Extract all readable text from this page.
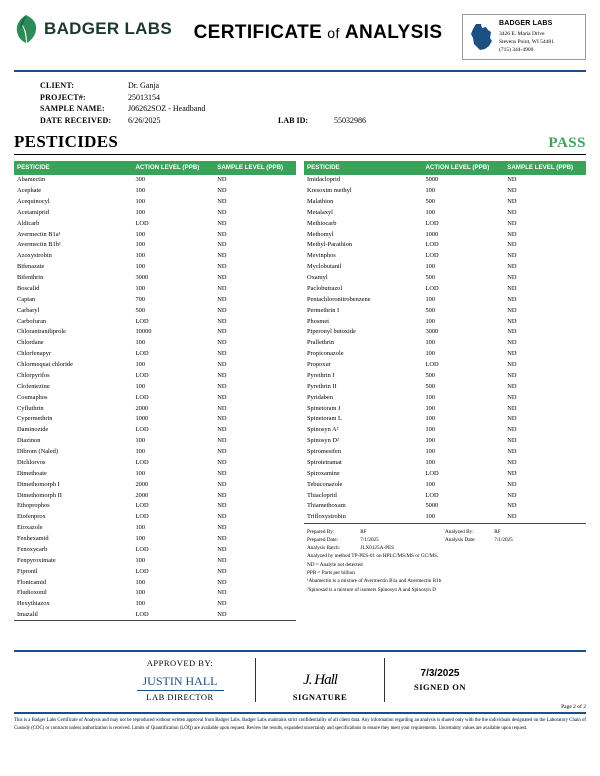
BADGER LABS	CERTIFICATE of ANALYSIS	BADGER LABS
3426 E. Maria Drive
Stevens Point, WI 54481
(715) 344-4900
CLIENT:	Dr. Ganja
PROJECT#:	25013154
SAMPLE NAME:	J06262SOZ - Headband
DATE RECEIVED:	6/26/2025	LAB ID:	55032986
PESTICIDES	PASS
PESTICIDE	ACTION LEVEL (PPB)	SAMPLE LEVEL (PPB)
Abamectin	300	ND
Acephate	100	ND
Acequinocyl	100	ND
Acetamiprid	100	ND
Aldicarb	LOD	ND
Avermectin B1a¹	100	ND
Avermectin B1b¹	100	ND
Azoxystrobin	100	ND
Bifenazate	100	ND
Bifenthrin	3000	ND
Boscalid	100	ND
Captan	700	ND
Carbaryl	500	ND
Carbofuran	LOD	ND
Chlorantraniliprole	10000	ND
Chlordane	100	ND
Chlorfenapyr	LOD	ND
Chlormequat chloride	100	ND
Chlorpyrifos	LOD	ND
Clofentezine	100	ND
Coumaphos	LOD	ND
Cyfluthrin	2000	ND
Cypermethrin	1000	ND
Daminozide	LOD	ND
Diazinon	100	ND
Dibrom (Naled)	100	ND
Dichlorvos	LOD	ND
Dimethoate	100	ND
Dimethomorph I	2000	ND
Dimethomorph II	2000	ND
Ethoprophos	LOD	ND
Etofenprox	LOD	ND
Etoxazole	100	ND
Fenhexamid	100	ND
Fenoxycarb	LOD	ND
Fenpyroximate	100	ND
Fipronil	LOD	ND
Flonicamid	100	ND
Fludioxonil	100	ND
Hexythiazox	100	ND
Imazalil	LOD	ND
PESTICIDE	ACTION LEVEL (PPB)	SAMPLE LEVEL (PPB)
Imidacloprid	5000	ND
Kresoxim methyl	100	ND
Malathion	500	ND
Metalaxyl	100	ND
Methiocarb	LOD	ND
Methomyl	1000	ND
Methyl-Parathion	LOD	ND
Mevinphos	LOD	ND
Myclobutanil	100	ND
Oxamyl	500	ND
Paclobutrazol	LOD	ND
Pentachloronitrobenzene	100	ND
Permethrin I	500	ND
Phosmet	100	ND
Piperonyl butoxide	3000	ND
Prallethrin	100	ND
Propiconazole	100	ND
Propoxur	LOD	ND
Pyrethrin I	500	ND
Pyrethrin II	500	ND
Pyridaben	100	ND
Spinetoram J	100	ND
Spinetoram L	100	ND
Spinosyn A²	100	ND
Spinosyn D²	100	ND
Spiromesifen	100	ND
Spirotetramat	100	ND
Spiroxamine	LOD	ND
Tebuconazole	100	ND
Thiacloprid	LOD	ND
Thiamethoxam	5000	ND
Trifloxystrobin	100	ND
Prepared By:	RF	Analyzed By:	RF
Prepared Date:	7/1/2025	Analysis Date:	7/1/2025
Analysis Batch:	JLX0125A-PES
Analyzed by method TP-PES-01 on HPLC/MS/MS or GC/MS.
ND = Analyte not detected
PPB = Parts per billion
¹Abamectin is a mixture of Avermectin B1a and Avermectin B1b
²Spinosad is a mixture of isomers Spinosyn A and Spinosyn D
APPROVED BY:
JUSTIN HALL
LAB DIRECTOR
J. Hall
SIGNATURE
7/3/2025
SIGNED ON
Page 2 of 2
This is a Badger Labs Certificate of Analysis and may not be reproduced without written approval from Badger Labs. Badger Labs maintains strict confidentiality of all client data. Any information regarding an analysis is shared only with the the individuals designated on the Laboratory Chain of Custody (COC) or contracts unless authorization is received. Limits of Quantification (LOQ) are available upon request. Review the results, expanded uncertainty and specifications to ensure they meet your requirements. Uncertainty values are available upon request.
